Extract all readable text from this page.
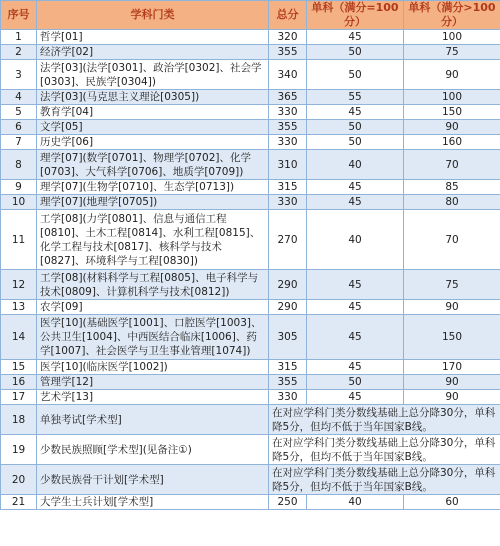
序号	学科门类	总分	单科（满分=100分）	单科（满分>100分）
1	哲学[01]	320	45	100
2	经济学[02]	355	50	75
3	法学[03](法学[0301]、政治学[0302]、社会学[0303]、民族学[0304])	340	50	90
4	法学[03](马克思主义理论[0305])	365	55	100
5	教育学[04]	330	45	150
6	文学[05]	355	50	90
7	历史学[06]	330	50	160
8	理学[07](数学[0701]、物理学[0702]、化学[0703]、大气科学[0706]、地质学[0709])	310	40	70
9	理学[07](生物学[0710]、生态学[0713])	315	45	85
10	理学[07](地理学[0705])	330	45	80
11	工学[08](力学[0801]、信息与通信工程[0810]、土木工程[0814]、水利工程[0815]、化学工程与技术[0817]、核科学与技术[0827]、环境科学与工程[0830])	270	40	70
12	工学[08](材料科学与工程[0805]、电子科学与技术[0809]、计算机科学与技术[0812])	290	45	75
13	农学[09]	290	45	90
14	医学[10](基础医学[1001]、口腔医学[1003]、公共卫生[1004]、中西医结合临床[1006]、药学[1007]、社会医学与卫生事业管理[1074])	305	45	150
15	医学[10](临床医学[1002])	315	45	170
16	管理学[12]	355	50	90
17	艺术学[13]	330	45	90
18	单独考试[学术型]	在对应学科门类分数线基础上总分降30分，单科降5分，但均不低于当年国家B线。		
19	少数民族照顾[学术型](见备注①)	在对应学科门类分数线基础上总分降30分，单科降5分，但均不低于当年国家B线。		
20	少数民族骨干计划[学术型]	在对应学科门类分数线基础上总分降30分，单科降5分，但均不低于当年国家B线。		
21	大学生士兵计划[学术型]	250	40	60
